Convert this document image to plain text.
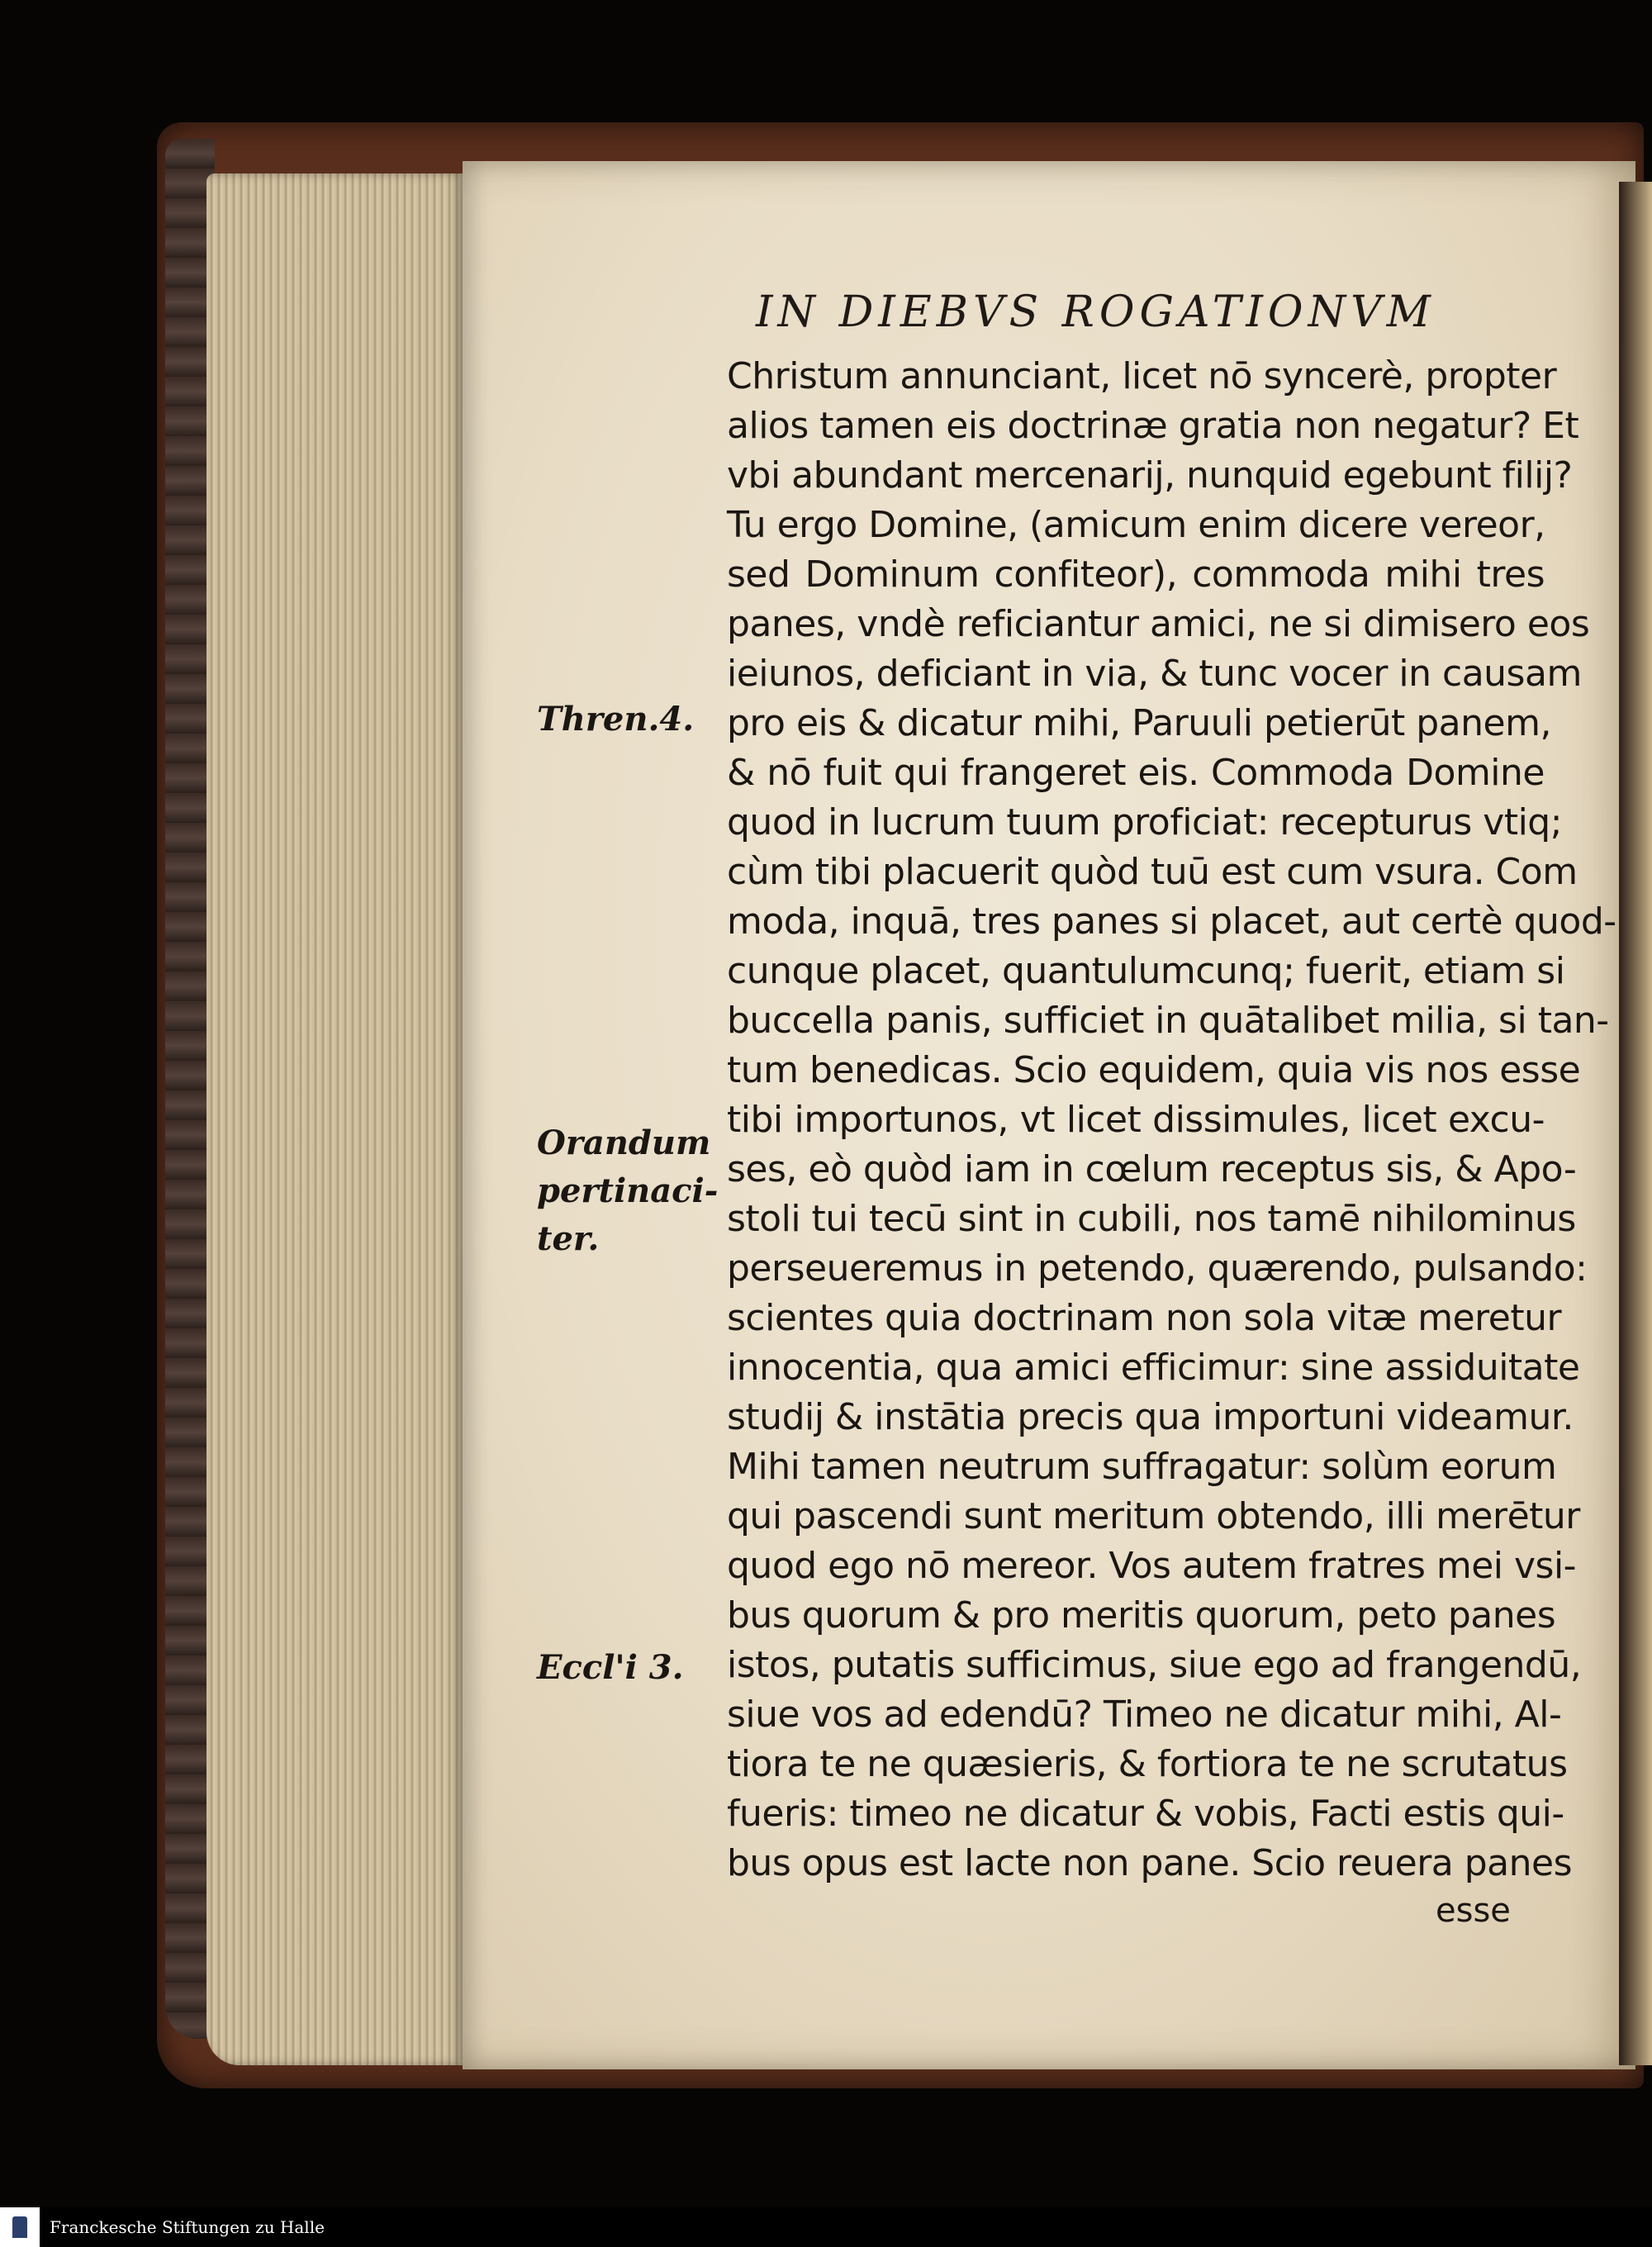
IN DIEBVS ROGATIONVM
Christum annunciant, licet nō syncerè, propter
alios tamen eis doctrinæ gratia non negatur? Et
vbi abundant mercenarij, nunquid egebunt filij?
Tu ergo Domine, (amicum enim dicere vereor,
sed Dominum confiteor), commoda mihi tres
panes, vndè reficiantur amici, ne si dimisero eos
ieiunos, deficiant in via, & tunc vocer in causam
pro eis & dicatur mihi, Paruuli petierūt panem,
& nō fuit qui frangeret eis. Commoda Domine
quod in lucrum tuum proficiat: recepturus vtiq;
cùm tibi placuerit quòd tuū est cum vsura. Com
moda, inquā, tres panes si placet, aut certè quod-
cunque placet, quantulumcunq; fuerit, etiam si
buccella panis, sufficiet in quātalibet milia, si tan-
tum benedicas. Scio equidem, quia vis nos esse
tibi importunos, vt licet dissimules, licet excu-
ses, eò quòd iam in cœlum receptus sis, & Apo-
stoli tui tecū sint in cubili, nos tamē nihilominus
perseueremus in petendo, quærendo, pulsando:
scientes quia doctrinam non sola vitæ meretur
innocentia, qua amici efficimur: sine assiduitate
studij & instātia precis qua importuni videamur.
Mihi tamen neutrum suffragatur: solùm eorum
qui pascendi sunt meritum obtendo, illi merētur
quod ego nō mereor. Vos autem fratres mei vsi-
bus quorum & pro meritis quorum, peto panes
istos, putatis sufficimus, siue ego ad frangendū,
siue vos ad edendū? Timeo ne dicatur mihi, Al-
tiora te ne quæsieris, & fortiora te ne scrutatus
fueris: timeo ne dicatur & vobis, Facti estis qui-
bus opus est lacte non pane. Scio reuera panes
esse
Thren.4.
Orandum
pertinaci-
ter.
Eccl'i 3.
Franckesche Stiftungen zu Halle
